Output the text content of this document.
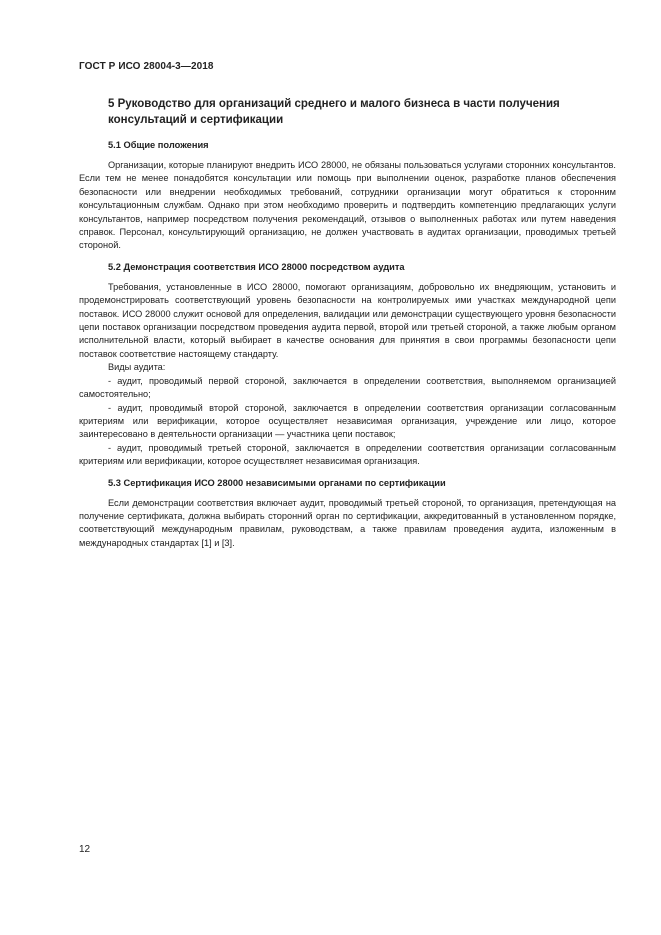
ГОСТ Р ИСО 28004-3—2018
5 Руководство для организаций среднего и малого бизнеса в части получения консультаций и сертификации
5.1 Общие положения

Организации, которые планируют внедрить ИСО 28000, не обязаны пользоваться услугами сторонних консультантов. Если тем не менее понадобятся консультации или помощь при выполнении оценок, разработке планов обеспечения безопасности или внедрении необходимых требований, сотрудники организации могут обратиться к сторонним консультационным службам. Однако при этом необходимо проверить и подтвердить компетенцию предлагающих услуги консультантов, например посредством получения рекомендаций, отзывов о выполненных работах или путем наведения справок. Персонал, консультирующий организацию, не должен участвовать в аудитах организации, проводимых третьей стороной.

5.2 Демонстрация соответствия ИСО 28000 посредством аудита

Требования, установленные в ИСО 28000, помогают организациям, добровольно их внедряющим, установить и продемонстрировать соответствующий уровень безопасности на контролируемых ими участках международной цепи поставок. ИСО 28000 служит основой для определения, валидации или демонстрации существующего уровня безопасности цепи поставок организации посредством проведения аудита первой, второй или третьей стороной, а также любым органом исполнительной власти, который выбирает в качестве основания для принятия в свои программы безопасности цепи поставок соответствие настоящему стандарту.

Виды аудита:

- аудит, проводимый первой стороной, заключается в определении соответствия, выполняемом организацией самостоятельно;

- аудит, проводимый второй стороной, заключается в определении соответствия организации согласованным критериям или верификации, которое осуществляет независимая организация, учреждение или лицо, которое заинтересовано в деятельности организации — участника цепи поставок;

- аудит, проводимый третьей стороной, заключается в определении соответствия организации согласованным критериям или верификации, которое осуществляет независимая организация.

5.3 Сертификация ИСО 28000 независимыми органами по сертификации

Если демонстрации соответствия включает аудит, проводимый третьей стороной, то организация, претендующая на получение сертификата, должна выбирать сторонний орган по сертификации, аккредитованный в установленном порядке, соответствующий международным правилам, руководствам, а также правилам проведения аудита, изложенным в международных стандартах [1] и [3].

12
